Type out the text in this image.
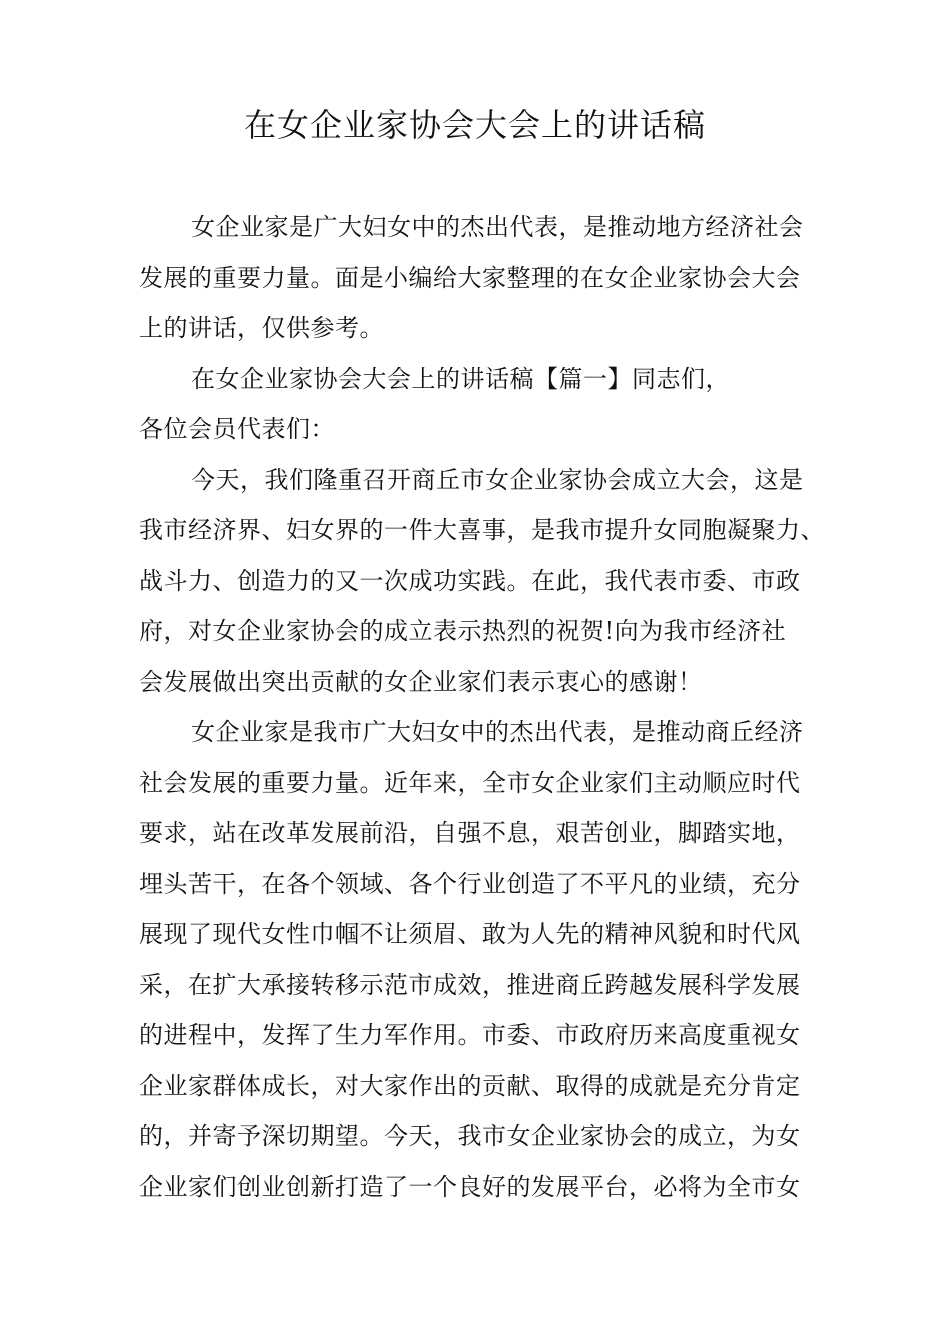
在女企业家协会大会上的讲话稿
女企业家是广大妇女中的杰出代表，是推动地方经济社会
发展的重要力量。面是小编给大家整理的在女企业家协会大会
上的讲话，仅供参考。
在女企业家协会大会上的讲话稿【篇一】同志们，
各位会员代表们：
今天，我们隆重召开商丘市女企业家协会成立大会，这是
我市经济界、妇女界的一件大喜事，是我市提升女同胞凝聚力、
战斗力、创造力的又一次成功实践。在此，我代表市委、市政
府，对女企业家协会的成立表示热烈的祝贺!向为我市经济社
会发展做出突出贡献的女企业家们表示衷心的感谢！
女企业家是我市广大妇女中的杰出代表，是推动商丘经济
社会发展的重要力量。近年来，全市女企业家们主动顺应时代
要求，站在改革发展前沿，自强不息，艰苦创业，脚踏实地，
埋头苦干，在各个领域、各个行业创造了不平凡的业绩，充分
展现了现代女性巾帼不让须眉、敢为人先的精神风貌和时代风
采，在扩大承接转移示范市成效，推进商丘跨越发展科学发展
的进程中，发挥了生力军作用。市委、市政府历来高度重视女
企业家群体成长，对大家作出的贡献、取得的成就是充分肯定
的，并寄予深切期望。今天，我市女企业家协会的成立，为女
企业家们创业创新打造了一个良好的发展平台，必将为全市女
